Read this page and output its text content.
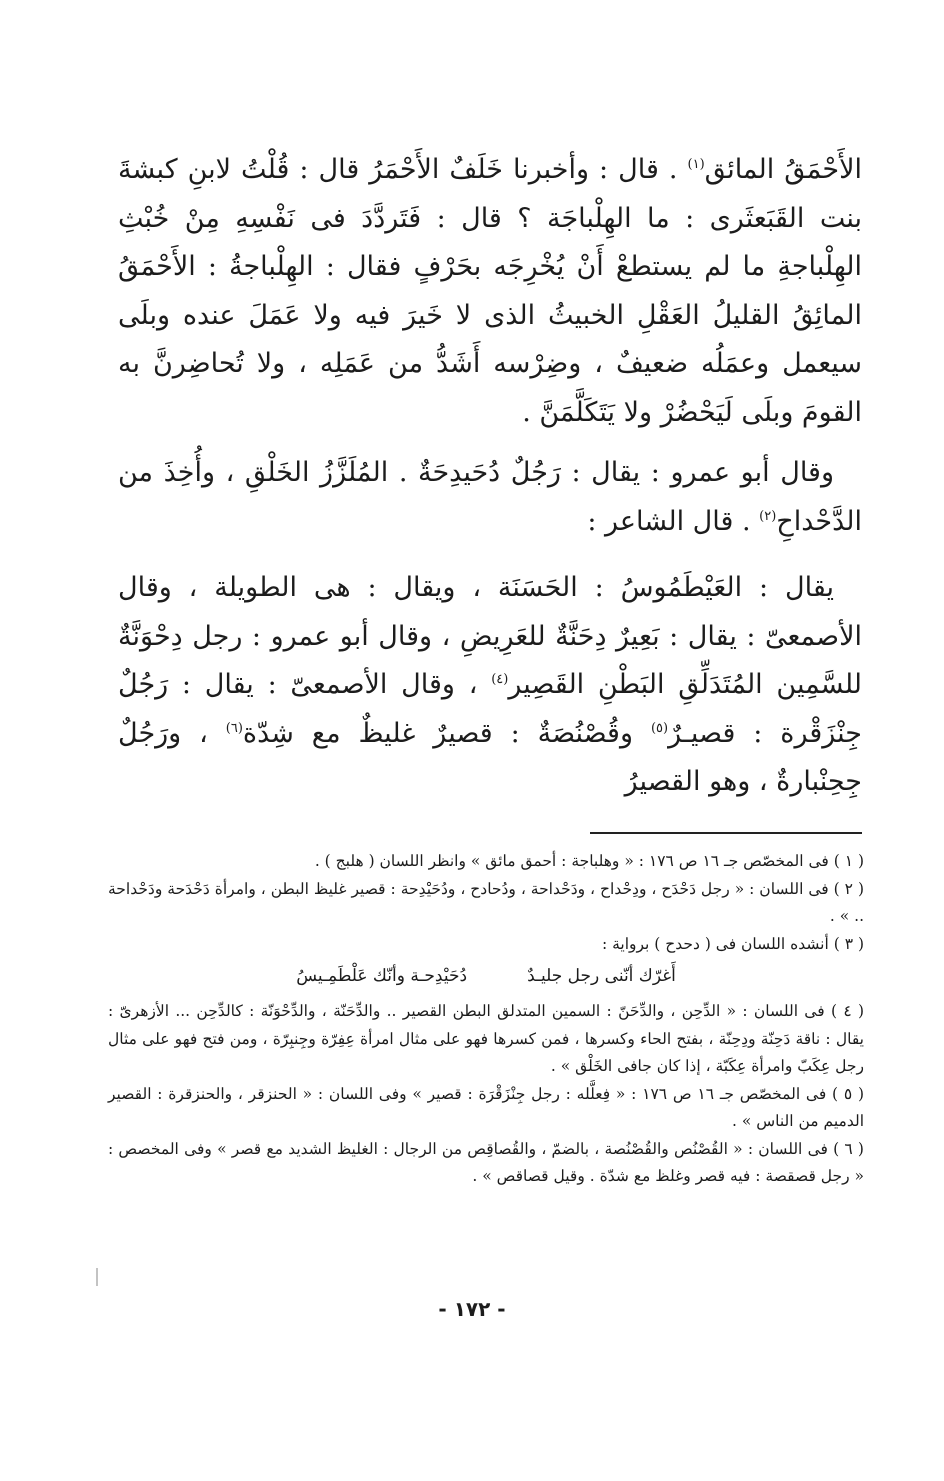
الأَحْمَقُ المائق$^{(١)}$ . قال : وأخبرنا خَلَفٌ الأَحْمَرُ قال : قُلْتُ لابنِ كبشةَ بنت القَبَعثَرى : ما الهِلْباجَة ؟ قال : فَتَردَّدَ فى نَفْسِهِ مِنْ خُبْثِ الهِلْباجةِ ما لم يستطعْ أَنْ يُخْرِجَه بحَرْفٍ فقال : الهِلْباجةُ : الأَحْمَقُ المائِقُ القليلُ العَقْلِ الخبيثُ الذى لا خَيرَ فيه ولا عَمَلَ عنده وبلَى سيعمل وعمَلُه ضعيفٌ ، وضِرْسه أَشَدُّ من عَمَلِه ، ولا تُحاضِرنَّ به القومَ وبلَى لَيَحْضُرْ ولا يَتَكَلَّمَنَّ .

وقال أبو عمرو : يقال : رَجُلٌ دُحَيدِحَةٌ . المُلَزَّزُ الخَلْقِ ، وأُخِذَ من الدَّحْداحِ$^{(٢)}$ . قال الشاعر :

يقال : العَيْطَمُوسُ : الحَسَنَة ، ويقال : هى الطويلة ، وقال الأصمعىّ : يقال : بَعِيرٌ دِحَنَّةٌ للعَرِيضِ ، وقال أبو عمرو : رجل دِحْوَنَّةٌ للسَّمِين المُتَدَلِّقِ البَطْنِ القَصِير$^{(٤)}$ ، وقال الأصمعىّ : يقال : رَجُلٌ جِنْزَقْرة : قصيـرٌ$^{(٥)}$ وقُصْنُصَةٌ : قصيرٌ غليظٌ مع شِدّة$^{(٦)}$ ، ورَجُلٌ جِحِنْبارةٌ ، وهو القصيرُ

( ١ ) فى المخصّص جـ ١٦ ص ١٧٦ : « وهلباجة : أحمق مائق » وانظر اللسان ( هلبج ) .

( ٢ ) فى اللسان : « رجل دَحْدَح ، ودِحْداح ، ودَحْداحة ، ودُحادح ، ودُحَيْدِحة : قصير غليظ البطن ، وامرأة دَحْدَحة ودَحْداحة .. » .

( ٣ ) أنشده اللسان فى ( دحدح ) برواية :

أَغرّك أنّنى رجل جليـدٌ
دُحَيْدِحـة وأنّك عَلْطَمِـيسُ

( ٤ ) فى اللسان : « الدِّحِن ، والدِّحَنّ : السمين المتدلق البطن القصير .. والدِّحَنّة ، والدِّحْوَنّة : كالدِّحِن ... الأزهرىّ : يقال : ناقة دَحِنّة ودِحِنّة ، بفتح الحاء وكسرها ، فمن كسرها فهو على مثال امرأة عِفِرّة وجِنبِرّة ، ومن فتح فهو على مثال رجل عِكَبّ وامرأة عِكَبّة ، إذا كان جافى الخَلْق » .

( ٥ ) فى المخصّص جـ ١٦ ص ١٧٦ : « فِعلَّله : رجل جِنْزَقْرَة : قصير » وفى اللسان : « الحنزقر ، والحنزقرة : القصير الدميم من الناس » .

( ٦ ) فى اللسان : « القُصْنُص والقُصْنُصة ، بالضمّ ، والقُصاقِص من الرجال : الغليظ الشديد مع قصر » وفى المخصص : « رجل قصقصة : فيه قصر وغلظ مع شدّة . وقيل قصاقص » .

- ١٧٢ -
